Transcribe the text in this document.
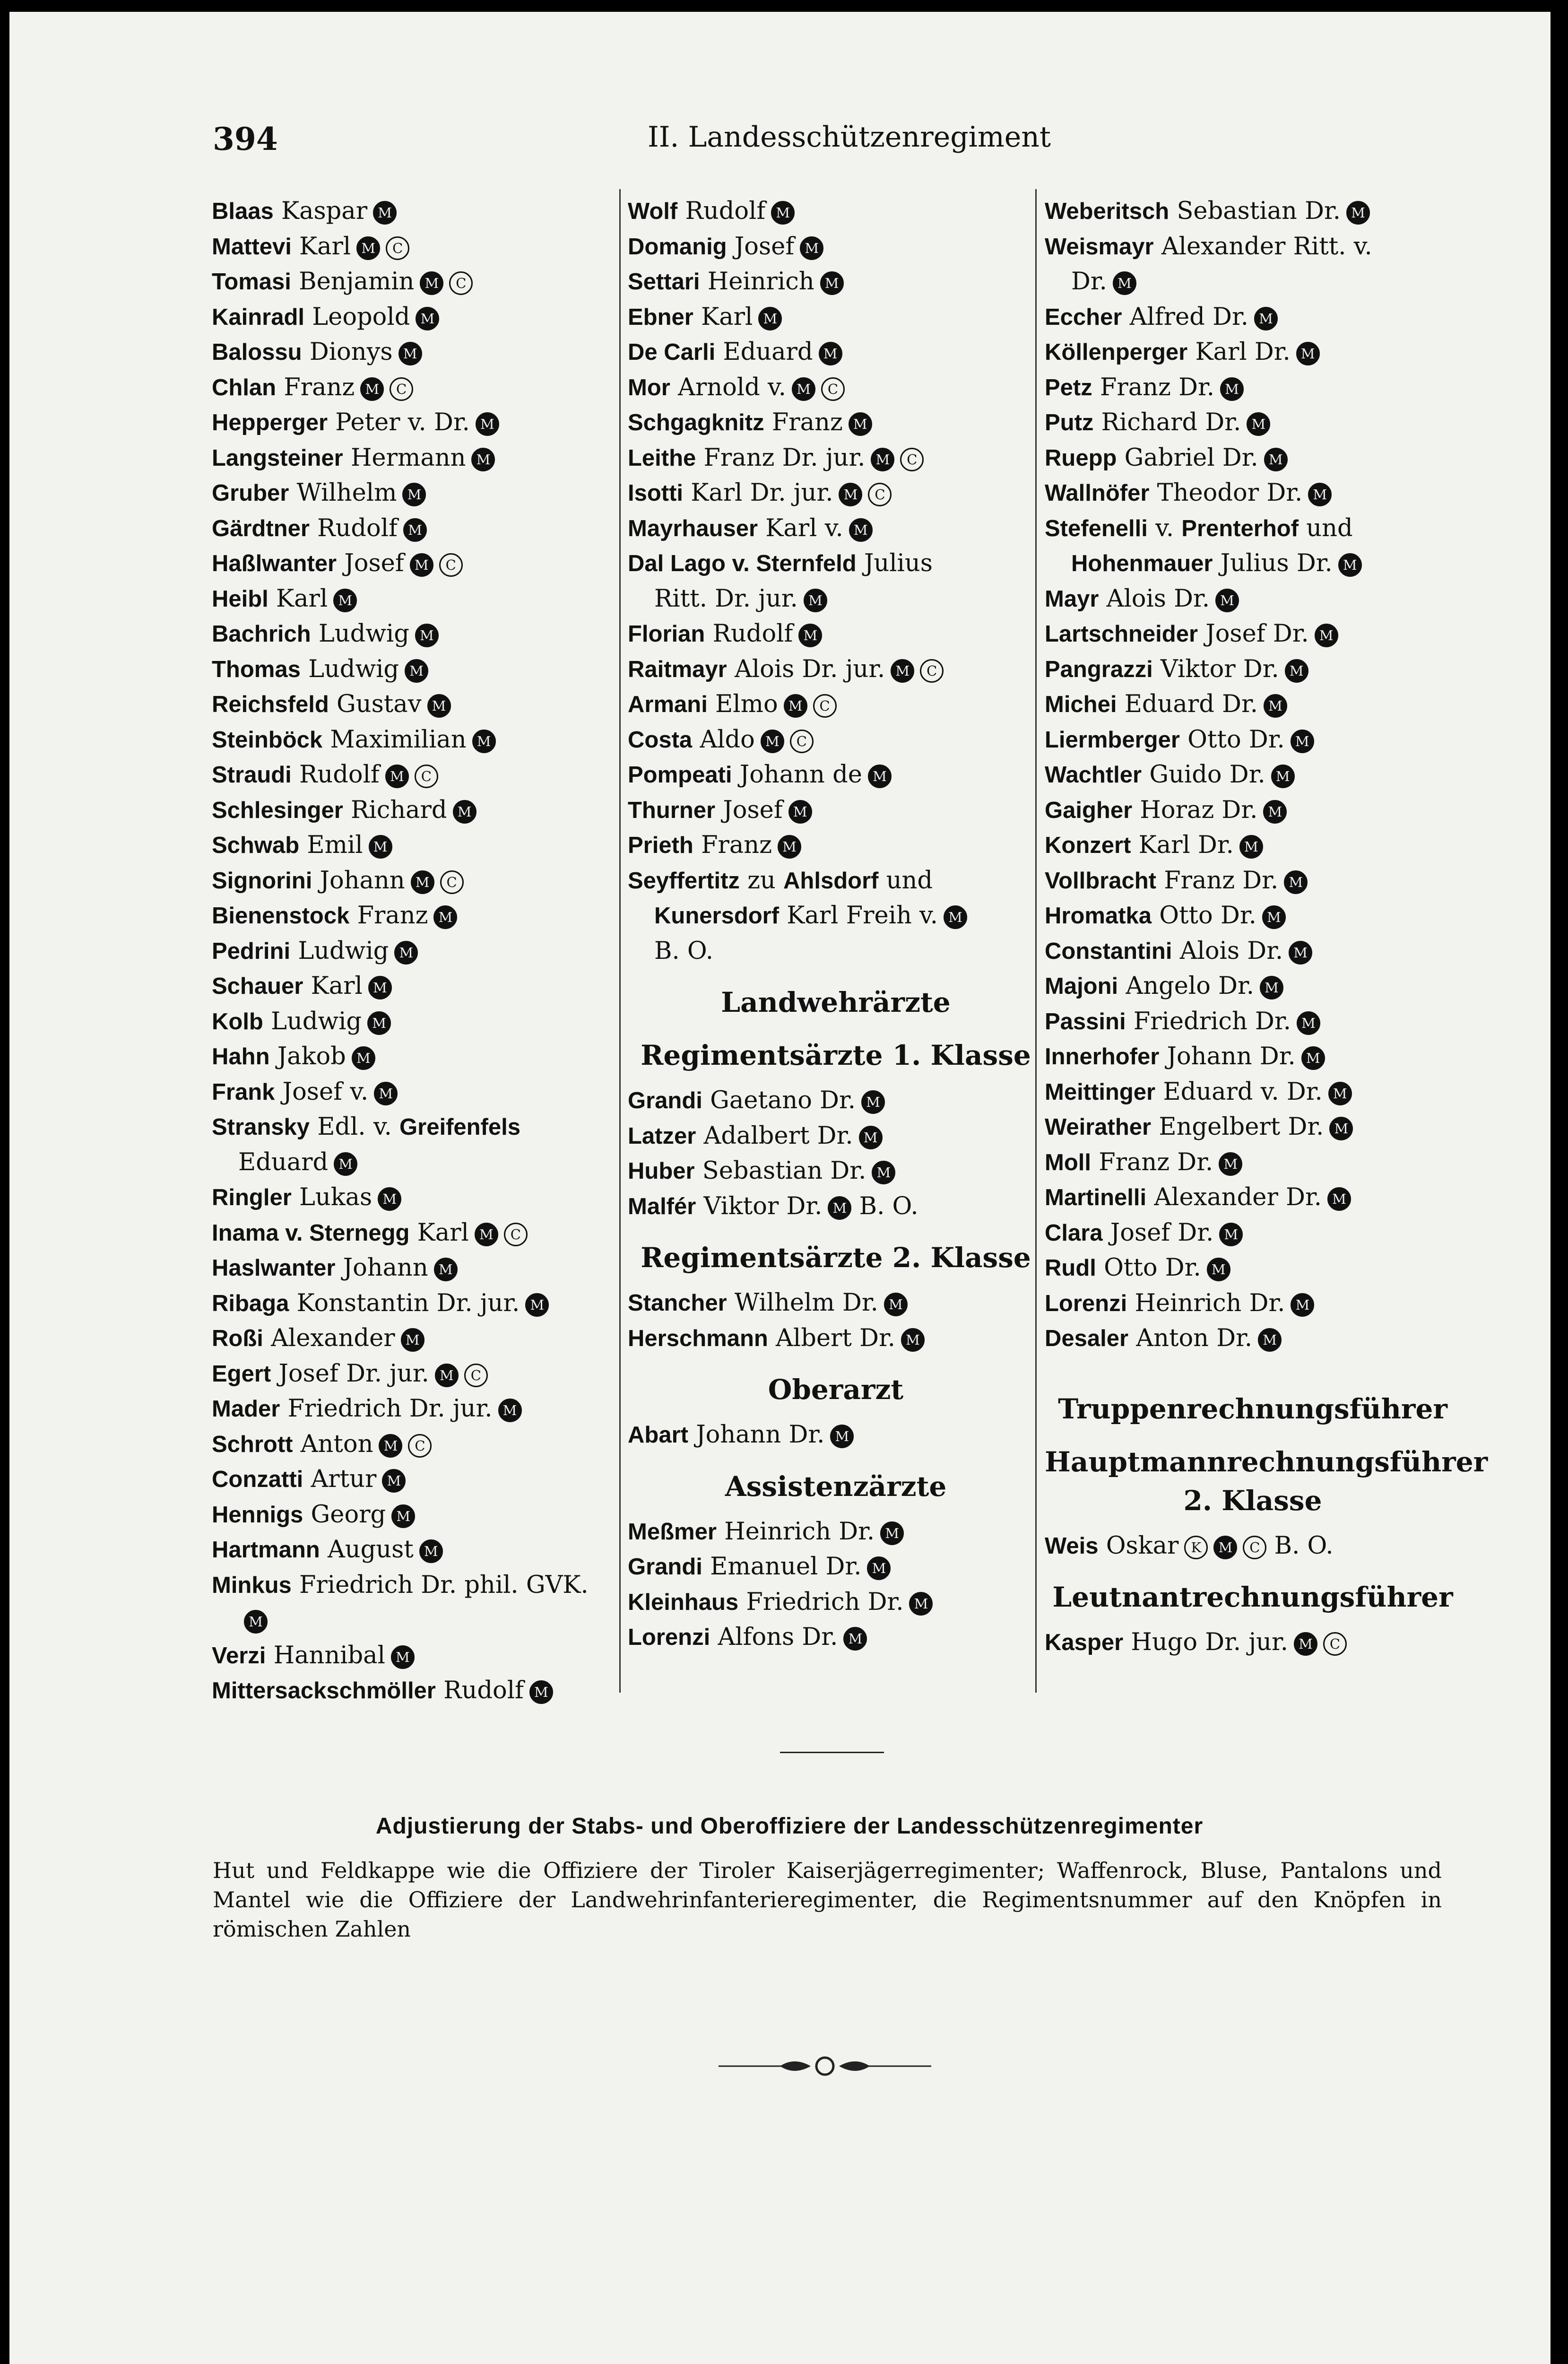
394	II. Landesschützenregiment
Blaas Kaspar M
Mattevi Karl M C
Tomasi Benjamin M C
Kainradl Leopold M
Balossu Dionys M
Chlan Franz M C
Hepperger Peter v. Dr. M
Langsteiner Hermann M
Gruber Wilhelm M
Gärdtner Rudolf M
Haßlwanter Josef M C
Heibl Karl M
Bachrich Ludwig M
Thomas Ludwig M
Reichsfeld Gustav M
Steinböck Maximilian M
Straudi Rudolf M C
Schlesinger Richard M
Schwab Emil M
Signorini Johann M C
Bienenstock Franz M
Pedrini Ludwig M
Schauer Karl M
Kolb Ludwig M
Hahn Jakob M
Frank Josef v. M
Stransky Edl. v. Greifenfels
Eduard M
Ringler Lukas M
Inama v. Sternegg Karl M C
Haslwanter Johann M
Ribaga Konstantin Dr. jur. M
Roßi Alexander M
Egert Josef Dr. jur. M C
Mader Friedrich Dr. jur. M
Schrott Anton M C
Conzatti Artur M
Hennigs Georg M
Hartmann August M
Minkus Friedrich Dr. phil. GVK.
M
Verzi Hannibal M
Mittersackschmöller Rudolf M
Wolf Rudolf M
Domanig Josef M
Settari Heinrich M
Ebner Karl M
De Carli Eduard M
Mor Arnold v. M C
Schgagknitz Franz M
Leithe Franz Dr. jur. M C
Isotti Karl Dr. jur. M C
Mayrhauser Karl v. M
Dal Lago v. Sternfeld Julius
Ritt. Dr. jur. M
Florian Rudolf M
Raitmayr Alois Dr. jur. M C
Armani Elmo M C
Costa Aldo M C
Pompeati Johann de M
Thurner Josef M
Prieth Franz M
Seyffertitz zu Ahlsdorf und
Kunersdorf Karl Freih v. M
B. O.
Landwehrärzte
Regimentsärzte 1. Klasse
Grandi Gaetano Dr. M
Latzer Adalbert Dr. M
Huber Sebastian Dr. M
Malfér Viktor Dr. M B. O.
Regimentsärzte 2. Klasse
Stancher Wilhelm Dr. M
Herschmann Albert Dr. M
Oberarzt
Abart Johann Dr. M
Assistenzärzte
Meßmer Heinrich Dr. M
Grandi Emanuel Dr. M
Kleinhaus Friedrich Dr. M
Lorenzi Alfons Dr. M
Weberitsch Sebastian Dr. M
Weismayr Alexander Ritt. v.
Dr. M
Eccher Alfred Dr. M
Köllenperger Karl Dr. M
Petz Franz Dr. M
Putz Richard Dr. M
Ruepp Gabriel Dr. M
Wallnöfer Theodor Dr. M
Stefenelli v. Prenterhof und
Hohenmauer Julius Dr. M
Mayr Alois Dr. M
Lartschneider Josef Dr. M
Pangrazzi Viktor Dr. M
Michei Eduard Dr. M
Liermberger Otto Dr. M
Wachtler Guido Dr. M
Gaigher Horaz Dr. M
Konzert Karl Dr. M
Vollbracht Franz Dr. M
Hromatka Otto Dr. M
Constantini Alois Dr. M
Majoni Angelo Dr. M
Passini Friedrich Dr. M
Innerhofer Johann Dr. M
Meittinger Eduard v. Dr. M
Weirather Engelbert Dr. M
Moll Franz Dr. M
Martinelli Alexander Dr. M
Clara Josef Dr. M
Rudl Otto Dr. M
Lorenzi Heinrich Dr. M
Desaler Anton Dr. M
Truppenrechnungsführer
Hauptmannrechnungsführer 2. Klasse
Weis Oskar K M C B. O.
Leutnantrechnungsführer
Kasper Hugo Dr. jur. M C
Adjustierung der Stabs- und Oberoffiziere der Landesschützenregimenter
Hut und Feldkappe wie die Offiziere der Tiroler Kaiserjägerregimenter; Waffenrock, Bluse, Pantalons und Mantel wie die Offiziere der Landwehrinfanterieregimenter, die Regimentsnummer auf den Knöpfen in römischen Zahlen
